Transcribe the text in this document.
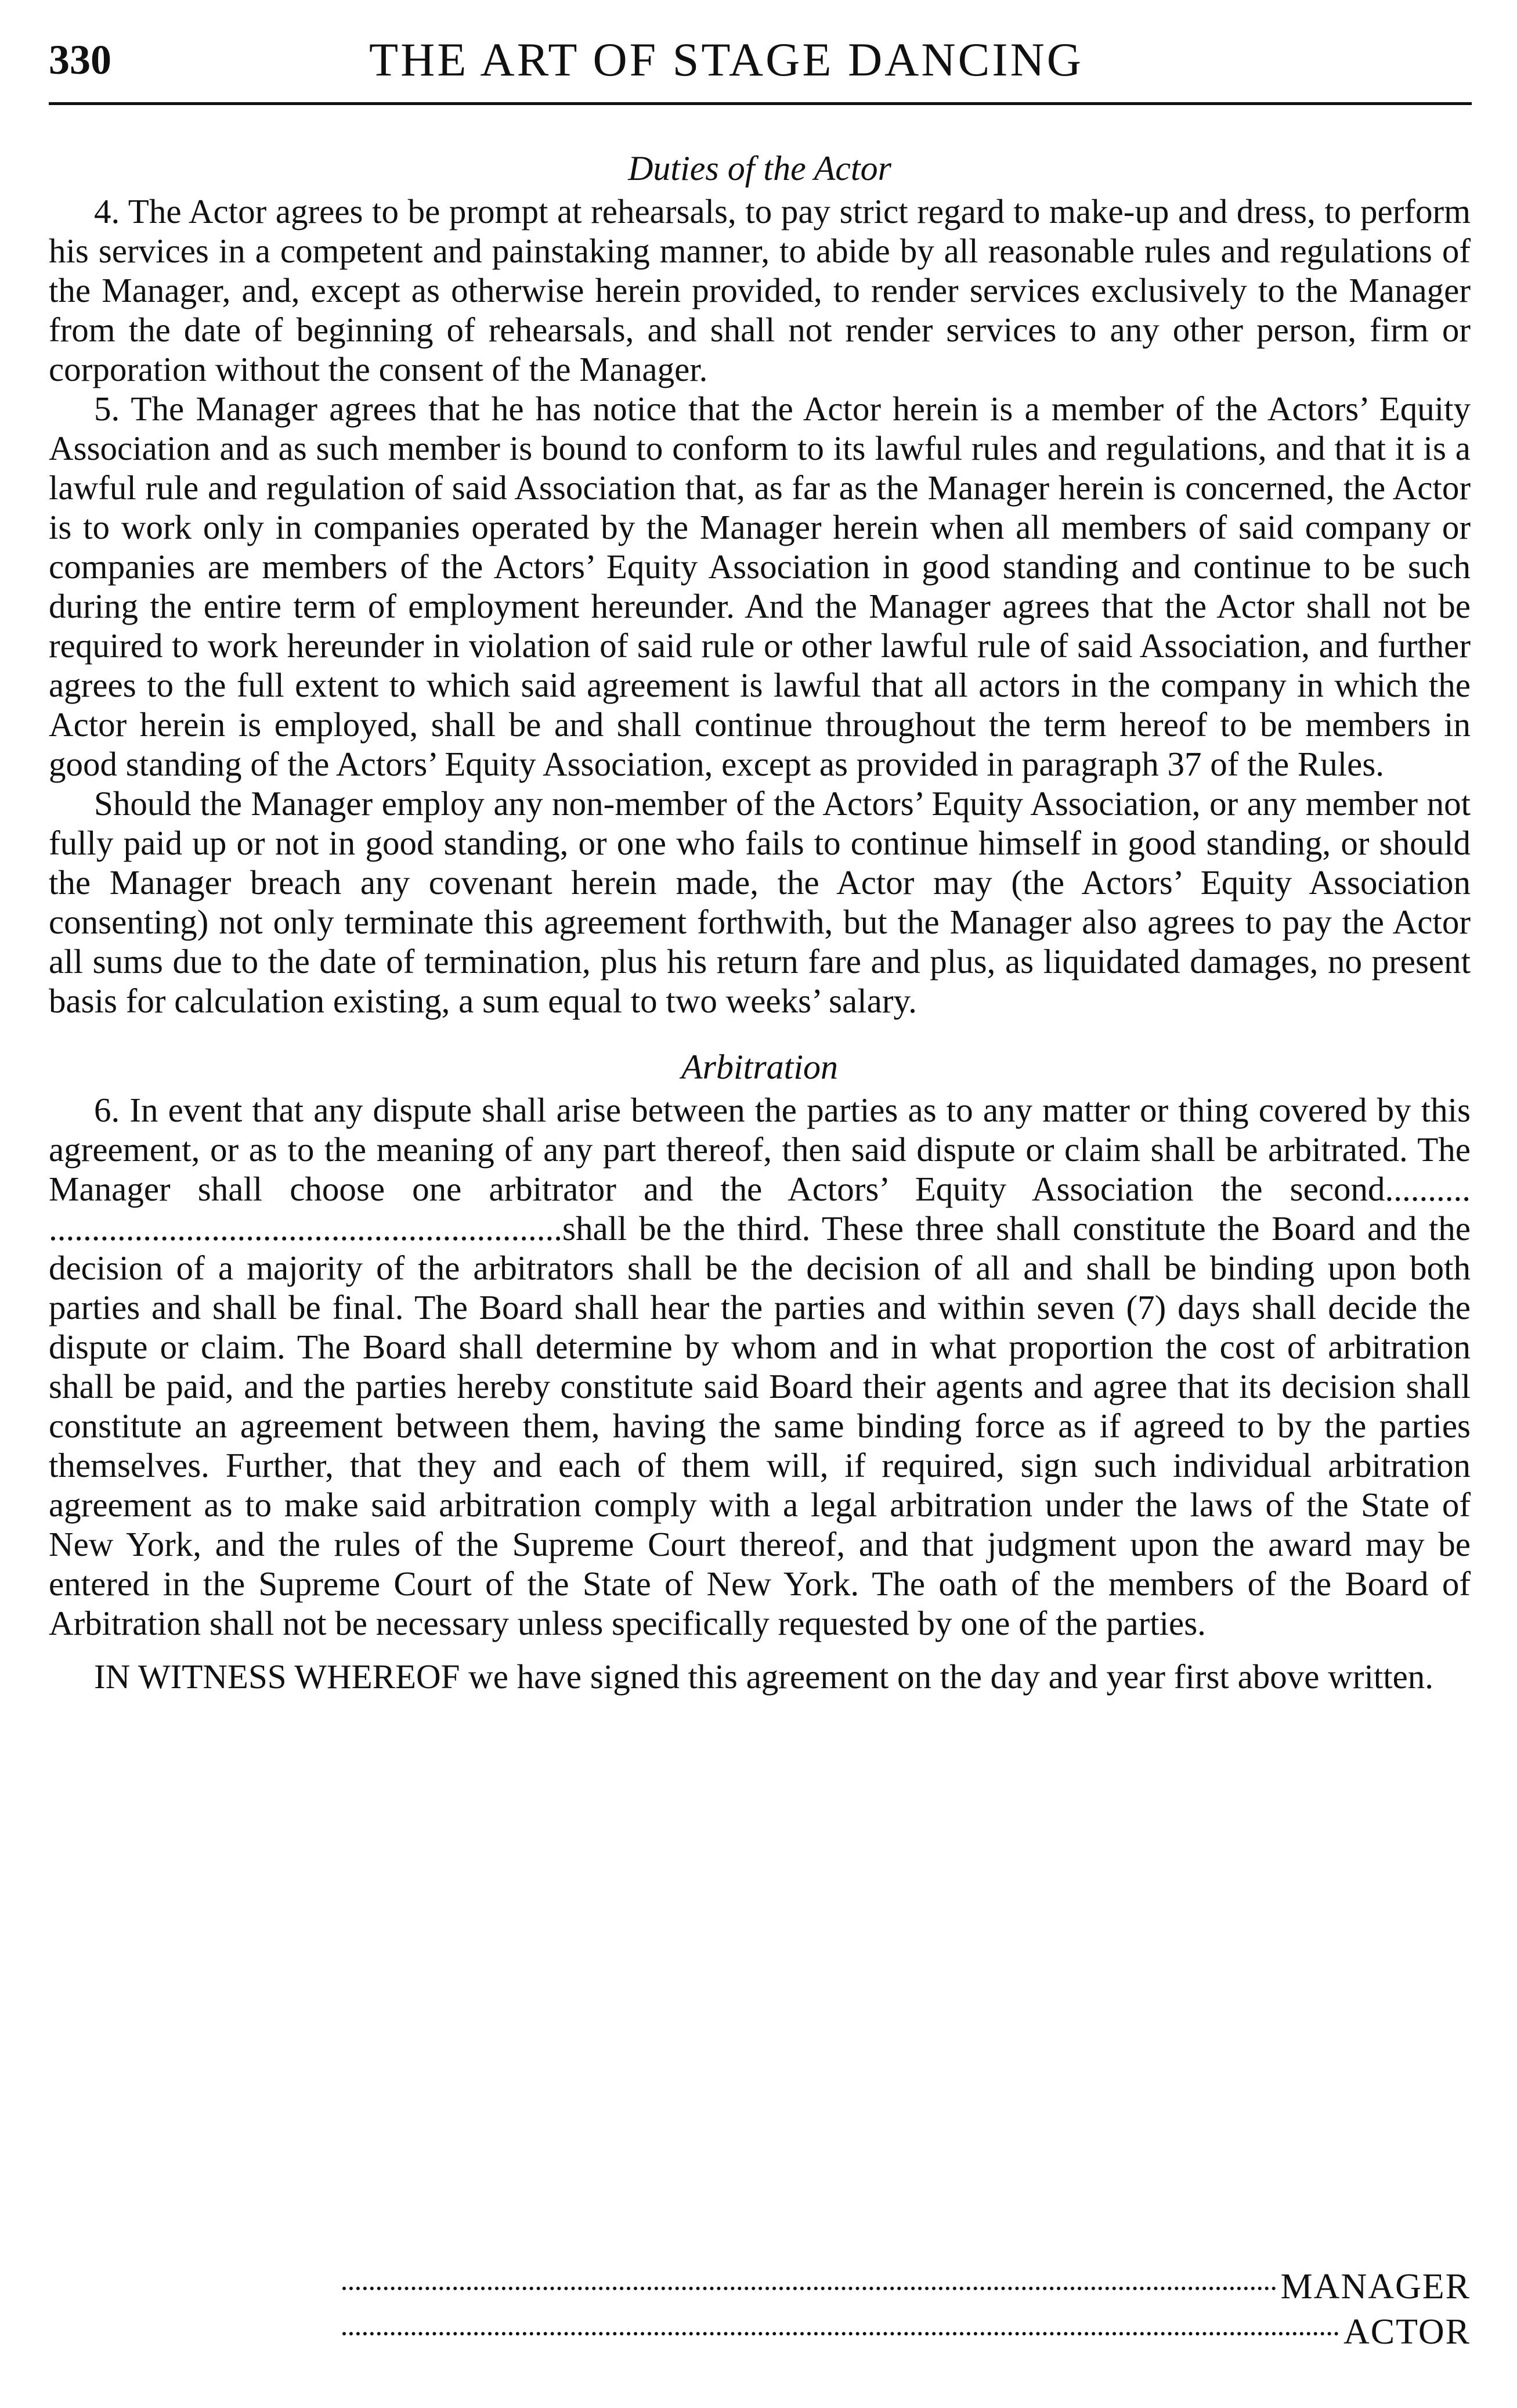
330	THE ART OF STAGE DANCING

Duties of the Actor

4. The Actor agrees to be prompt at rehearsals, to pay strict regard to make-up and dress, to perform his services in a competent and painstaking manner, to abide by all reasonable rules and regulations of the Manager, and, except as otherwise herein provided, to render services exclusively to the Manager from the date of beginning of rehearsals, and shall not render services to any other person, firm or corporation without the consent of the Manager.

5. The Manager agrees that he has notice that the Actor herein is a member of the Actors’ Equity Association and as such member is bound to conform to its lawful rules and regulations, and that it is a lawful rule and regulation of said Association that, as far as the Manager herein is concerned, the Actor is to work only in companies operated by the Manager herein when all members of said company or companies are members of the Actors’ Equity Association in good standing and continue to be such during the entire term of employment hereunder. And the Manager agrees that the Actor shall not be required to work hereunder in violation of said rule or other lawful rule of said Association, and further agrees to the full extent to which said agreement is lawful that all actors in the company in which the Actor herein is employed, shall be and shall continue throughout the term hereof to be members in good standing of the Actors’ Equity Association, except as provided in paragraph 37 of the Rules.

Should the Manager employ any non-member of the Actors’ Equity Association, or any member not fully paid up or not in good standing, or one who fails to continue himself in good standing, or should the Manager breach any covenant herein made, the Actor may (the Actors’ Equity Association consenting) not only terminate this agreement forthwith, but the Manager also agrees to pay the Actor all sums due to the date of termination, plus his return fare and plus, as liquidated damages, no present basis for calculation existing, a sum equal to two weeks’ salary.

Arbitration

6. In event that any dispute shall arise between the parties as to any matter or thing covered by this agreement, or as to the meaning of any part thereof, then said dispute or claim shall be arbitrated. The Manager shall choose one arbitrator and the Actors’ Equity Association the second.......... ............................................................shall be the third. These three shall constitute the Board and the decision of a majority of the arbitrators shall be the decision of all and shall be binding upon both parties and shall be final. The Board shall hear the parties and within seven (7) days shall decide the dispute or claim. The Board shall determine by whom and in what proportion the cost of arbitration shall be paid, and the parties hereby constitute said Board their agents and agree that its decision shall constitute an agreement between them, having the same binding force as if agreed to by the parties themselves. Further, that they and each of them will, if required, sign such individual arbitration agreement as to make said arbitration comply with a legal arbitration under the laws of the State of New York, and the rules of the Supreme Court thereof, and that judgment upon the award may be entered in the Supreme Court of the State of New York. The oath of the members of the Board of Arbitration shall not be necessary unless specifically requested by one of the parties.

IN WITNESS WHEREOF we have signed this agreement on the day and year first above written.

MANAGER
ACTOR
